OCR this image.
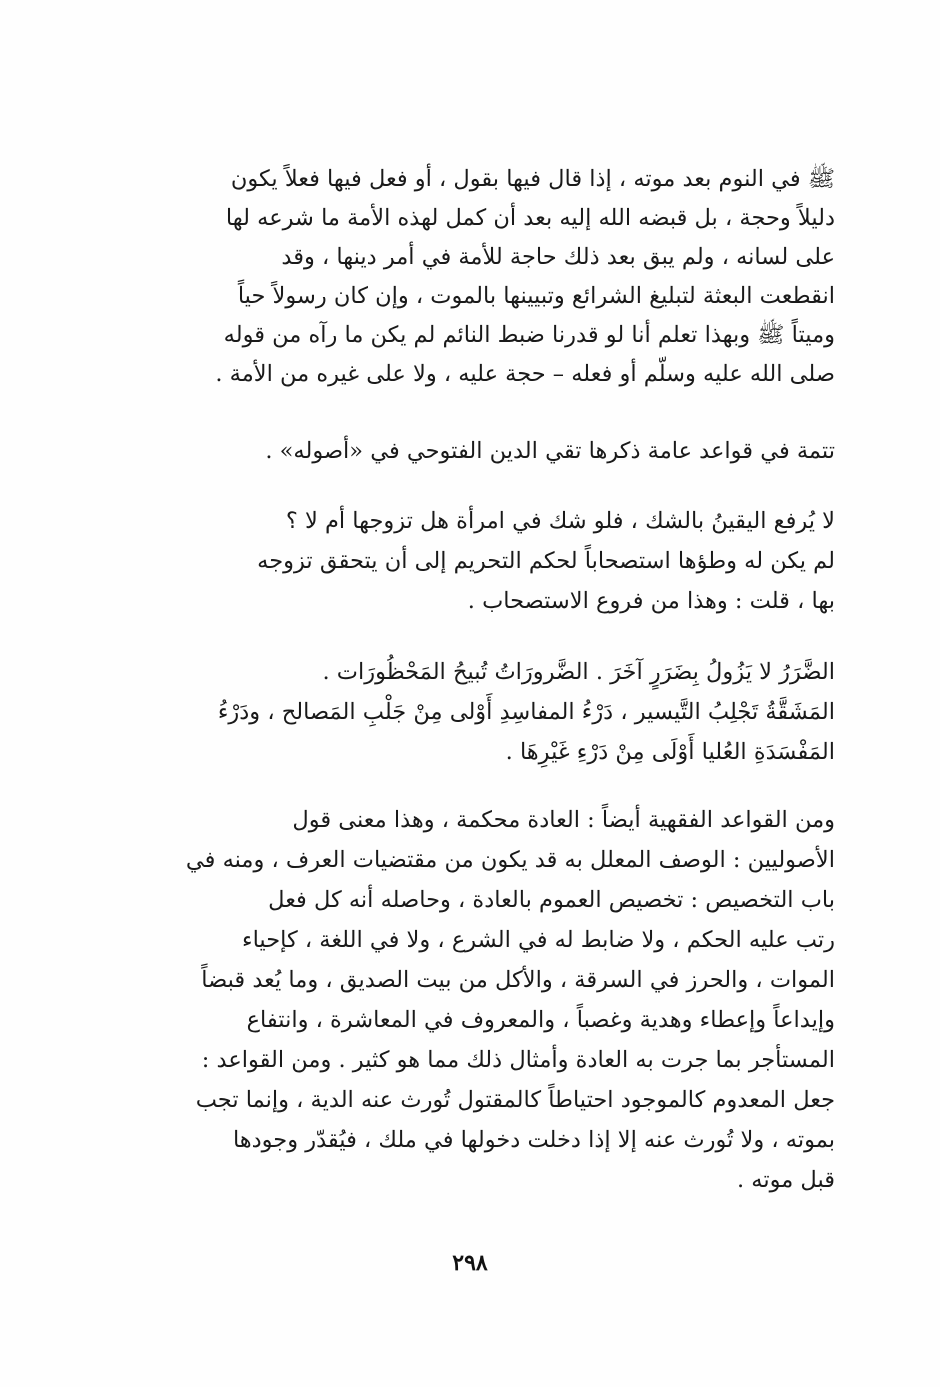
ﷺ في النوم بعد موته ، إذا قال فيها بقول ، أو فعل فيها فعلاً يكون
دليلاً وحجة ، بل قبضه الله إليه بعد أن كمل لهذه الأمة ما شرعه لها
على لسانه ، ولم يبق بعد ذلك حاجة للأمة في أمر دينها ، وقد
انقطعت البعثة لتبليغ الشرائع وتبيينها بالموت ، وإن كان رسولاً حياً
وميتاً ﷺ وبهذا تعلم أنا لو قدرنا ضبط النائم لم يكن ما رآه من قوله
صلى الله عليه وسلّم أو فعله – حجة عليه ، ولا على غيره من الأمة .
تتمة في قواعد عامة ذكرها تقي الدين الفتوحي في «أصوله» .
لا يُرفع اليقينُ بالشك ، فلو شك في امرأة هل تزوجها أم لا ؟
لم يكن له وطؤها استصحاباً لحكم التحريم إلى أن يتحقق تزوجه
بها ، قلت : وهذا من فروع الاستصحاب .
الضَّرَرُ لا يَزُولُ بِضَرَرٍ آخَرَ . الضَّرورَاتُ تُبيحُ المَحْظُورَات .
المَشَقَّةُ تَجْلِبُ التَّيسير ، دَرْءُ المفاسِدِ أَوْلى مِنْ جَلْبِ المَصالح ، ودَرْءُ
المَفْسَدَةِ العُليا أَوْلَى مِنْ دَرْءِ غَيْرِهَا .
ومن القواعد الفقهية أيضاً : العادة محكمة ، وهذا معنى قول
الأصوليين : الوصف المعلل به قد يكون من مقتضيات العرف ، ومنه في
باب التخصيص : تخصيص العموم بالعادة ، وحاصله أنه كل فعل
رتب عليه الحكم ، ولا ضابط له في الشرع ، ولا في اللغة ، كإحياء
الموات ، والحرز في السرقة ، والأكل من بيت الصديق ، وما يُعد قبضاً
وإيداعاً وإعطاء وهدية وغصباً ، والمعروف في المعاشرة ، وانتفاع
المستأجر بما جرت به العادة وأمثال ذلك مما هو كثير . ومن القواعد :
جعل المعدوم كالموجود احتياطاً كالمقتول تُورث عنه الدية ، وإنما تجب
بموته ، ولا تُورث عنه إلا إذا دخلت دخولها في ملك ، فيُقدّر وجودها
قبل موته .
٢٩٨
